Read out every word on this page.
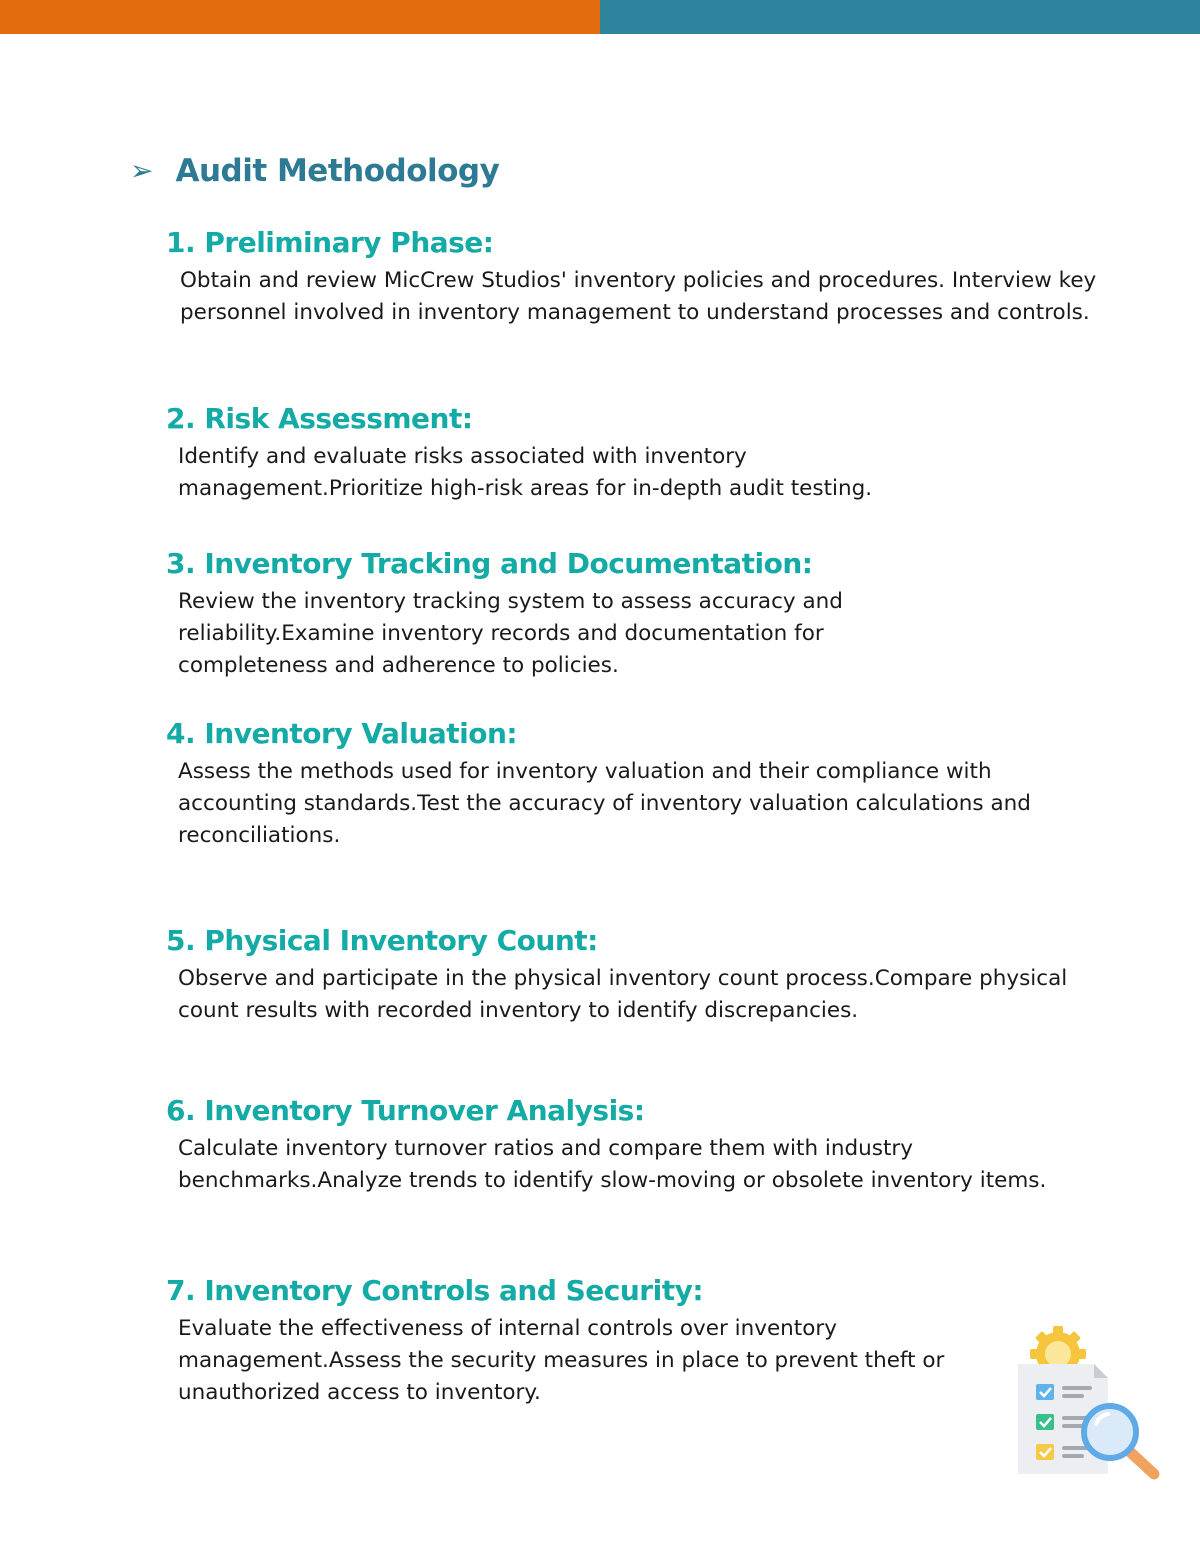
➢ Audit Methodology
1. Preliminary Phase:

Obtain and review MicCrew Studios' inventory policies and procedures. Interview key personnel involved in inventory management to understand processes and controls.

2. Risk Assessment:

Identify and evaluate risks associated with inventory management.Prioritize high-risk areas for in-depth audit testing.

3. Inventory Tracking and Documentation:

Review the inventory tracking system to assess accuracy and reliability.Examine inventory records and documentation for completeness and adherence to policies.

4. Inventory Valuation:

Assess the methods used for inventory valuation and their compliance with accounting standards.Test the accuracy of inventory valuation calculations and reconciliations.

5. Physical Inventory Count:

Observe and participate in the physical inventory count process.Compare physical count results with recorded inventory to identify discrepancies.

6. Inventory Turnover Analysis:

Calculate inventory turnover ratios and compare them with industry benchmarks.Analyze trends to identify slow-moving or obsolete inventory items.

7. Inventory Controls and Security:

Evaluate the effectiveness of internal controls over inventory management.Assess the security measures in place to prevent theft or unauthorized access to inventory.
